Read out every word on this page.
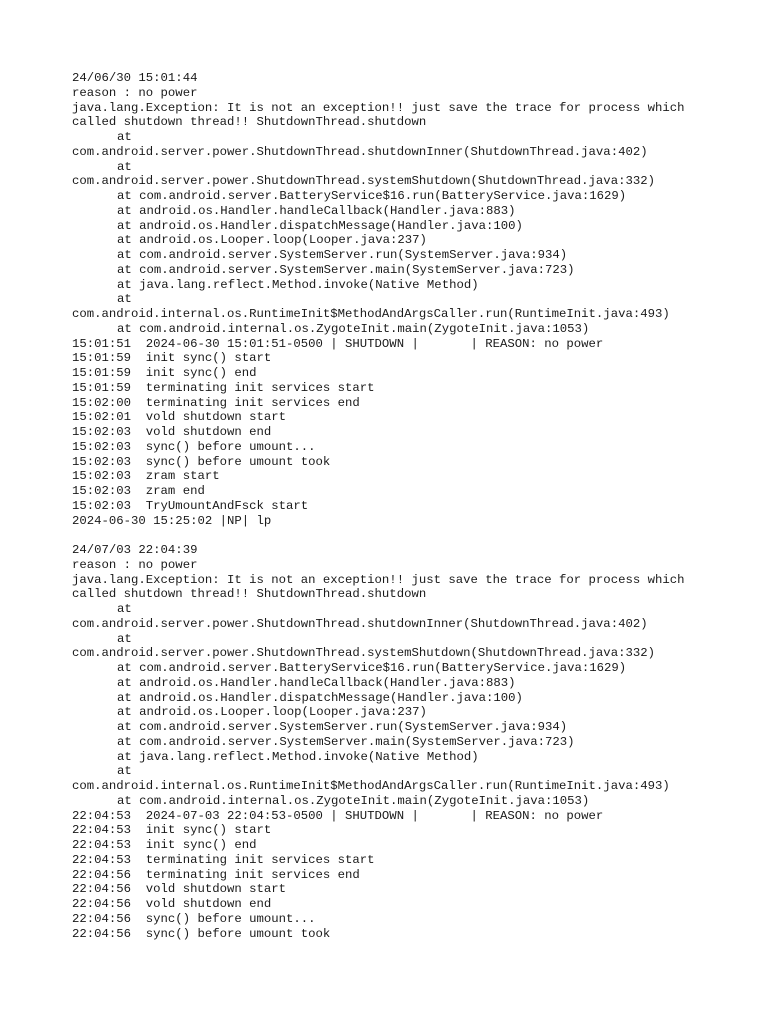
24/06/30 15:01:44
reason : no power
java.lang.Exception: It is not an exception!! just save the trace for process which
called shutdown thread!! ShutdownThread.shutdown
at
com.android.server.power.ShutdownThread.shutdownInner(ShutdownThread.java:402)
at
com.android.server.power.ShutdownThread.systemShutdown(ShutdownThread.java:332)
at com.android.server.BatteryService$16.run(BatteryService.java:1629)
at android.os.Handler.handleCallback(Handler.java:883)
at android.os.Handler.dispatchMessage(Handler.java:100)
at android.os.Looper.loop(Looper.java:237)
at com.android.server.SystemServer.run(SystemServer.java:934)
at com.android.server.SystemServer.main(SystemServer.java:723)
at java.lang.reflect.Method.invoke(Native Method)
at
com.android.internal.os.RuntimeInit$MethodAndArgsCaller.run(RuntimeInit.java:493)
at com.android.internal.os.ZygoteInit.main(ZygoteInit.java:1053)
15:01:51  2024-06-30 15:01:51-0500 | SHUTDOWN |       | REASON: no power
15:01:59  init sync() start
15:01:59  init sync() end
15:01:59  terminating init services start
15:02:00  terminating init services end
15:02:01  vold shutdown start
15:02:03  vold shutdown end
15:02:03  sync() before umount...
15:02:03  sync() before umount took
15:02:03  zram start
15:02:03  zram end
15:02:03  TryUmountAndFsck start
2024-06-30 15:25:02 |NP| lp
24/07/03 22:04:39
reason : no power
java.lang.Exception: It is not an exception!! just save the trace for process which
called shutdown thread!! ShutdownThread.shutdown
at
com.android.server.power.ShutdownThread.shutdownInner(ShutdownThread.java:402)
at
com.android.server.power.ShutdownThread.systemShutdown(ShutdownThread.java:332)
at com.android.server.BatteryService$16.run(BatteryService.java:1629)
at android.os.Handler.handleCallback(Handler.java:883)
at android.os.Handler.dispatchMessage(Handler.java:100)
at android.os.Looper.loop(Looper.java:237)
at com.android.server.SystemServer.run(SystemServer.java:934)
at com.android.server.SystemServer.main(SystemServer.java:723)
at java.lang.reflect.Method.invoke(Native Method)
at
com.android.internal.os.RuntimeInit$MethodAndArgsCaller.run(RuntimeInit.java:493)
at com.android.internal.os.ZygoteInit.main(ZygoteInit.java:1053)
22:04:53  2024-07-03 22:04:53-0500 | SHUTDOWN |       | REASON: no power
22:04:53  init sync() start
22:04:53  init sync() end
22:04:53  terminating init services start
22:04:56  terminating init services end
22:04:56  vold shutdown start
22:04:56  vold shutdown end
22:04:56  sync() before umount...
22:04:56  sync() before umount took
